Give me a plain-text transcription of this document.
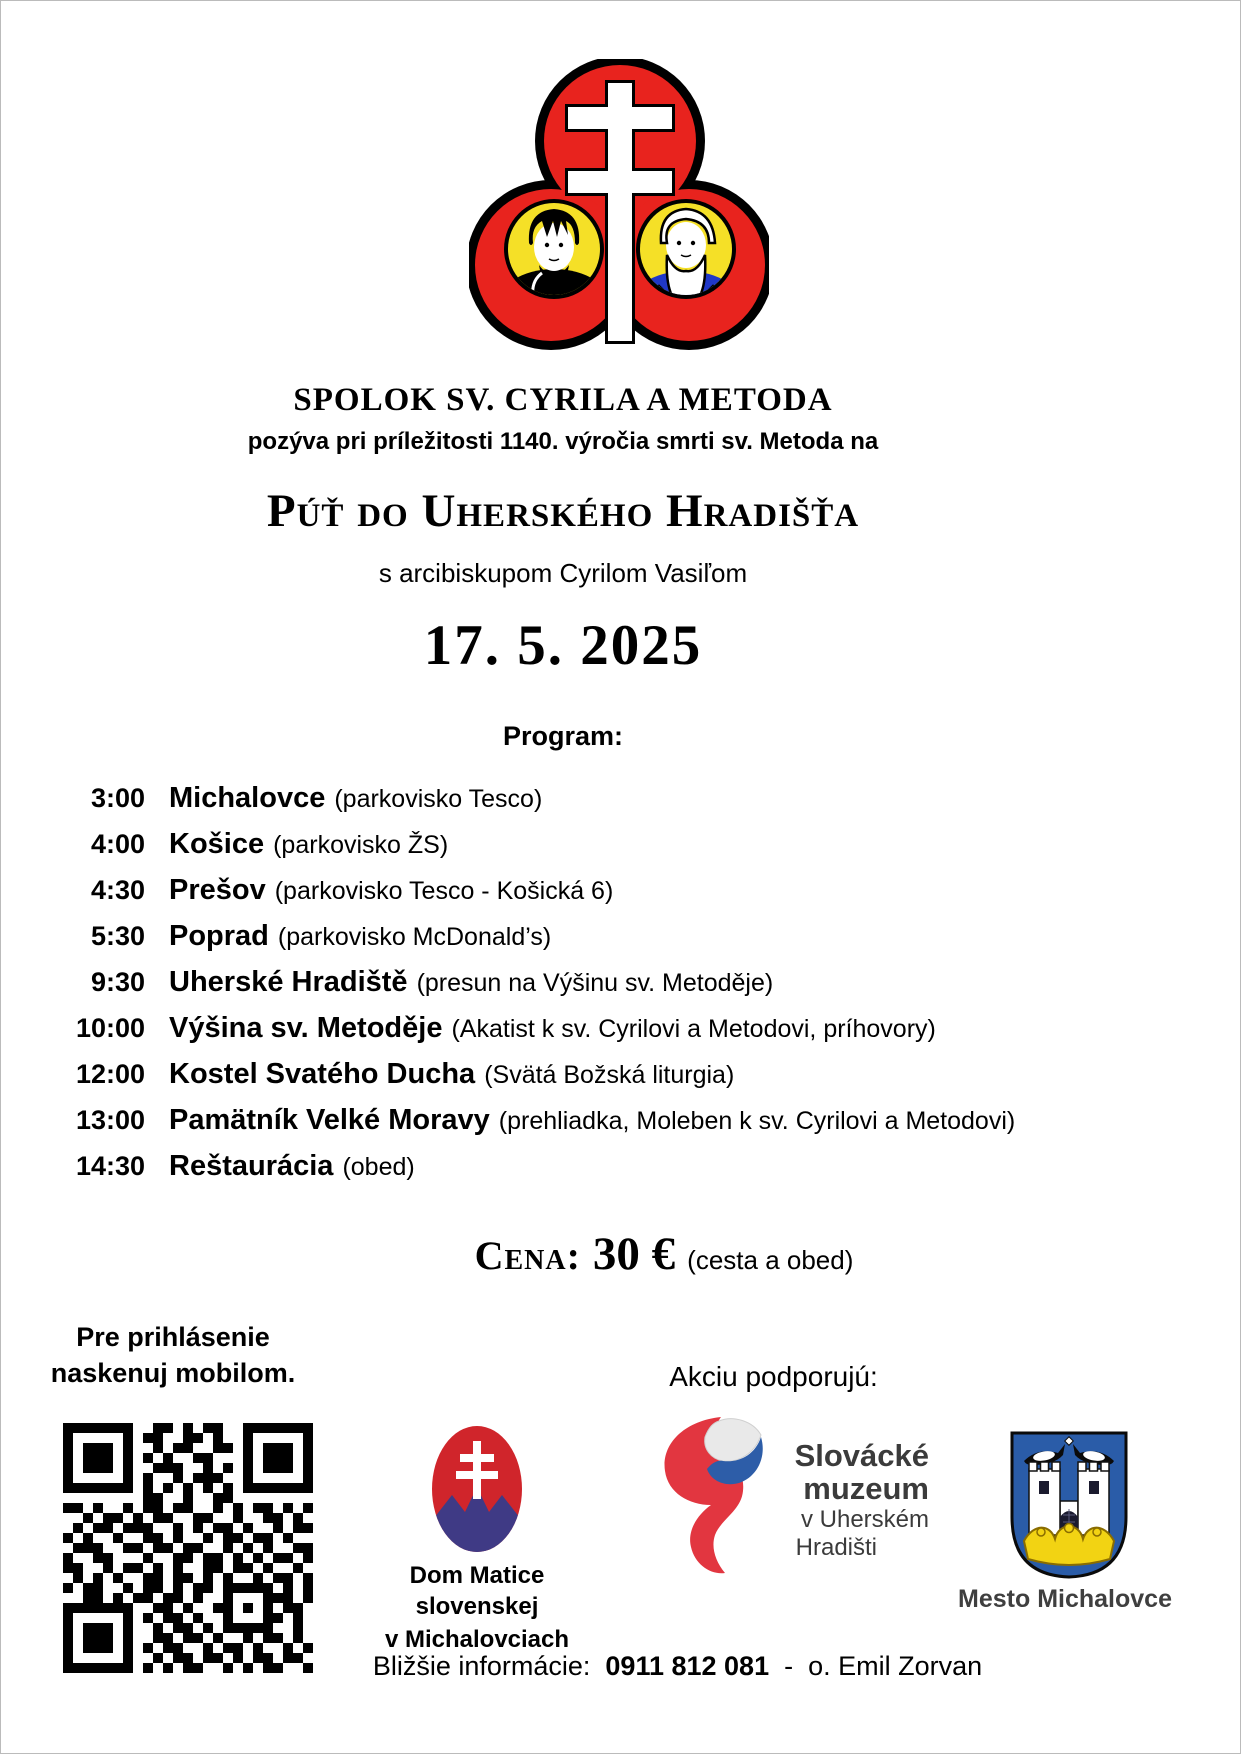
SPOLOK SV. CYRILA A METODA
pozýva pri príležitosti 1140. výročia smrti sv. Metoda na
Púť do Uherského Hradišťa
s arcibiskupom Cyrilom Vasiľom
17. 5. 2025
Program:
3:00 Michalovce (parkovisko Tesco)
4:00 Košice (parkovisko ŽS)
4:30 Prešov (parkovisko Tesco - Košická 6)
5:30 Poprad (parkovisko McDonald’s)
9:30 Uherské Hradiště (presun na Výšinu sv. Metoděje)
10:00 Výšina sv. Metoděje (Akatist k sv. Cyrilovi a Metodovi, príhovory)
12:00 Kostel Svatého Ducha (Svätá Božská liturgia)
13:00 Pamätník Velké Moravy (prehliadka, Moleben k sv. Cyrilovi a Metodovi)
14:30 Reštaurácia (obed)
Cena: 30 € (cesta a obed)
Pre prihlásenie
naskenuj mobilom.	Akciu podporujú:
Dom Matice slovenskej
v Michalovciach
Slovácké
muzeum
v Uherském
Hradišti
Mesto Michalovce
Bližšie informácie: 0911 812 081 - o. Emil Zorvan
